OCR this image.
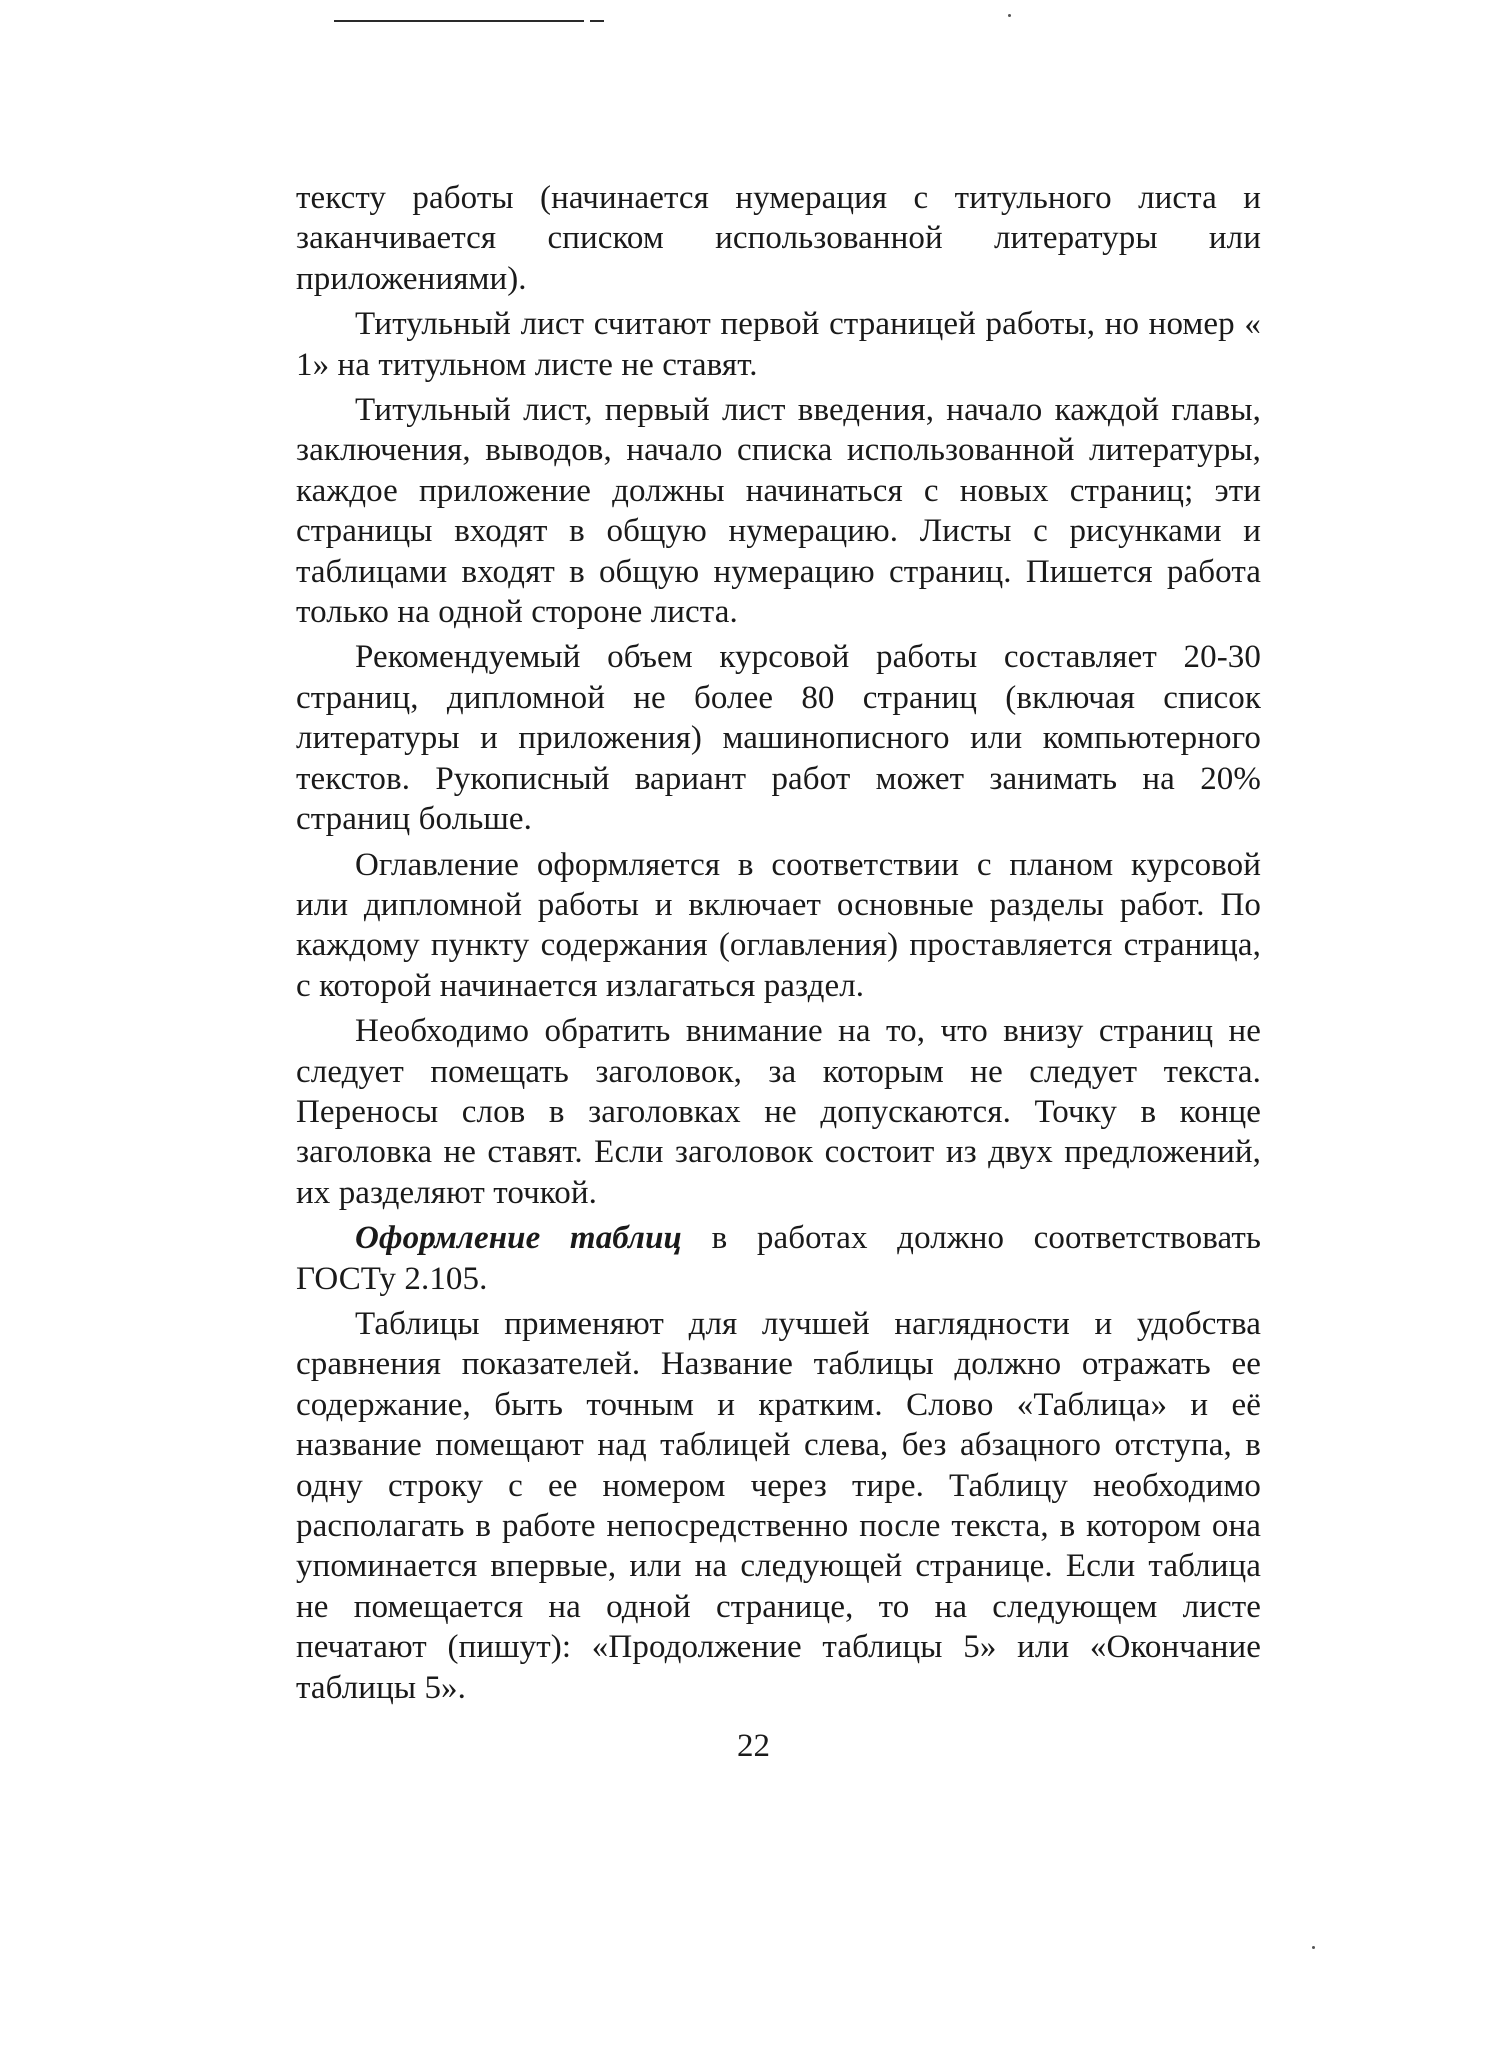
тексту работы (начинается нумерация с титульного листа и заканчивается списком использованной литературы или приложениями).

Титульный лист считают первой страницей работы, но номер « 1» на титульном листе не ставят.

Титульный лист, первый лист введения, начало каждой главы, заключения, выводов, начало списка использованной литературы, каждое приложение должны начинаться с новых страниц; эти страницы входят в общую нумерацию. Листы с рисунками и таблицами входят в общую нумерацию страниц. Пишется работа только на одной стороне листа.

Рекомендуемый объем курсовой работы составляет 20-30 страниц, дипломной не более 80 страниц (включая список литературы и приложения) машинописного или компьютерного текстов. Рукописный вариант работ может занимать на 20% страниц больше.

Оглавление оформляется в соответствии с планом курсовой или дипломной работы и включает основные разделы работ. По каждому пункту содержания (оглавления) проставляется страница, с которой начинается излагаться раздел.

Необходимо обратить внимание на то, что внизу страниц не следует помещать заголовок, за которым не следует текста. Переносы слов в заголовках не допускаются. Точку в конце заголовка не ставят. Если заголовок состоит из двух предложений, их разделяют точкой.

Оформление таблиц в работах должно соответствовать ГОСТу 2.105.

Таблицы применяют для лучшей наглядности и удобства сравнения показателей. Название таблицы должно отражать ее содержание, быть точным и кратким. Слово «Таблица» и её название помещают над таблицей слева, без абзацного отступа, в одну строку с ее номером через тире. Таблицу необходимо располагать в работе непосредственно после текста, в котором она упоминается впервые, или на следующей странице. Если таблица не помещается на одной странице, то на следующем листе печатают (пишут): «Продолжение таблицы 5» или «Окончание таблицы 5».

22
